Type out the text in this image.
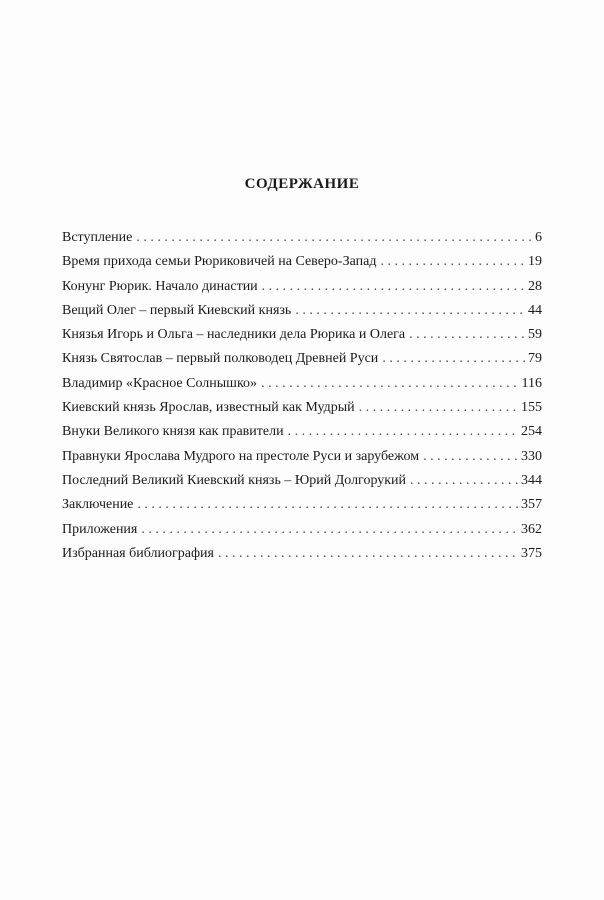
СОДЕРЖАНИЕ
Вступление . . .	6
Время прихода семьи Рюриковичей на Северо-Запад . . .	19
Конунг Рюрик. Начало династии . . .	28
Вещий Олег – первый Киевский князь . . .	44
Князья Игорь и Ольга – наследники дела Рюрика и Олега . . .	59
Князь Святослав – первый полководец Древней Руси . . .	79
Владимир «Красное Солнышко» . . .	116
Киевский князь Ярослав, известный как Мудрый . . .	155
Внуки Великого князя как правители . . .	254
Правнуки Ярослава Мудрого на престоле Руси и зарубежом . . .	330
Последний Великий Киевский князь – Юрий Долгорукий . . .	344
Заключение . . .	357
Приложения . . .	362
Избранная библиография . . .	375
